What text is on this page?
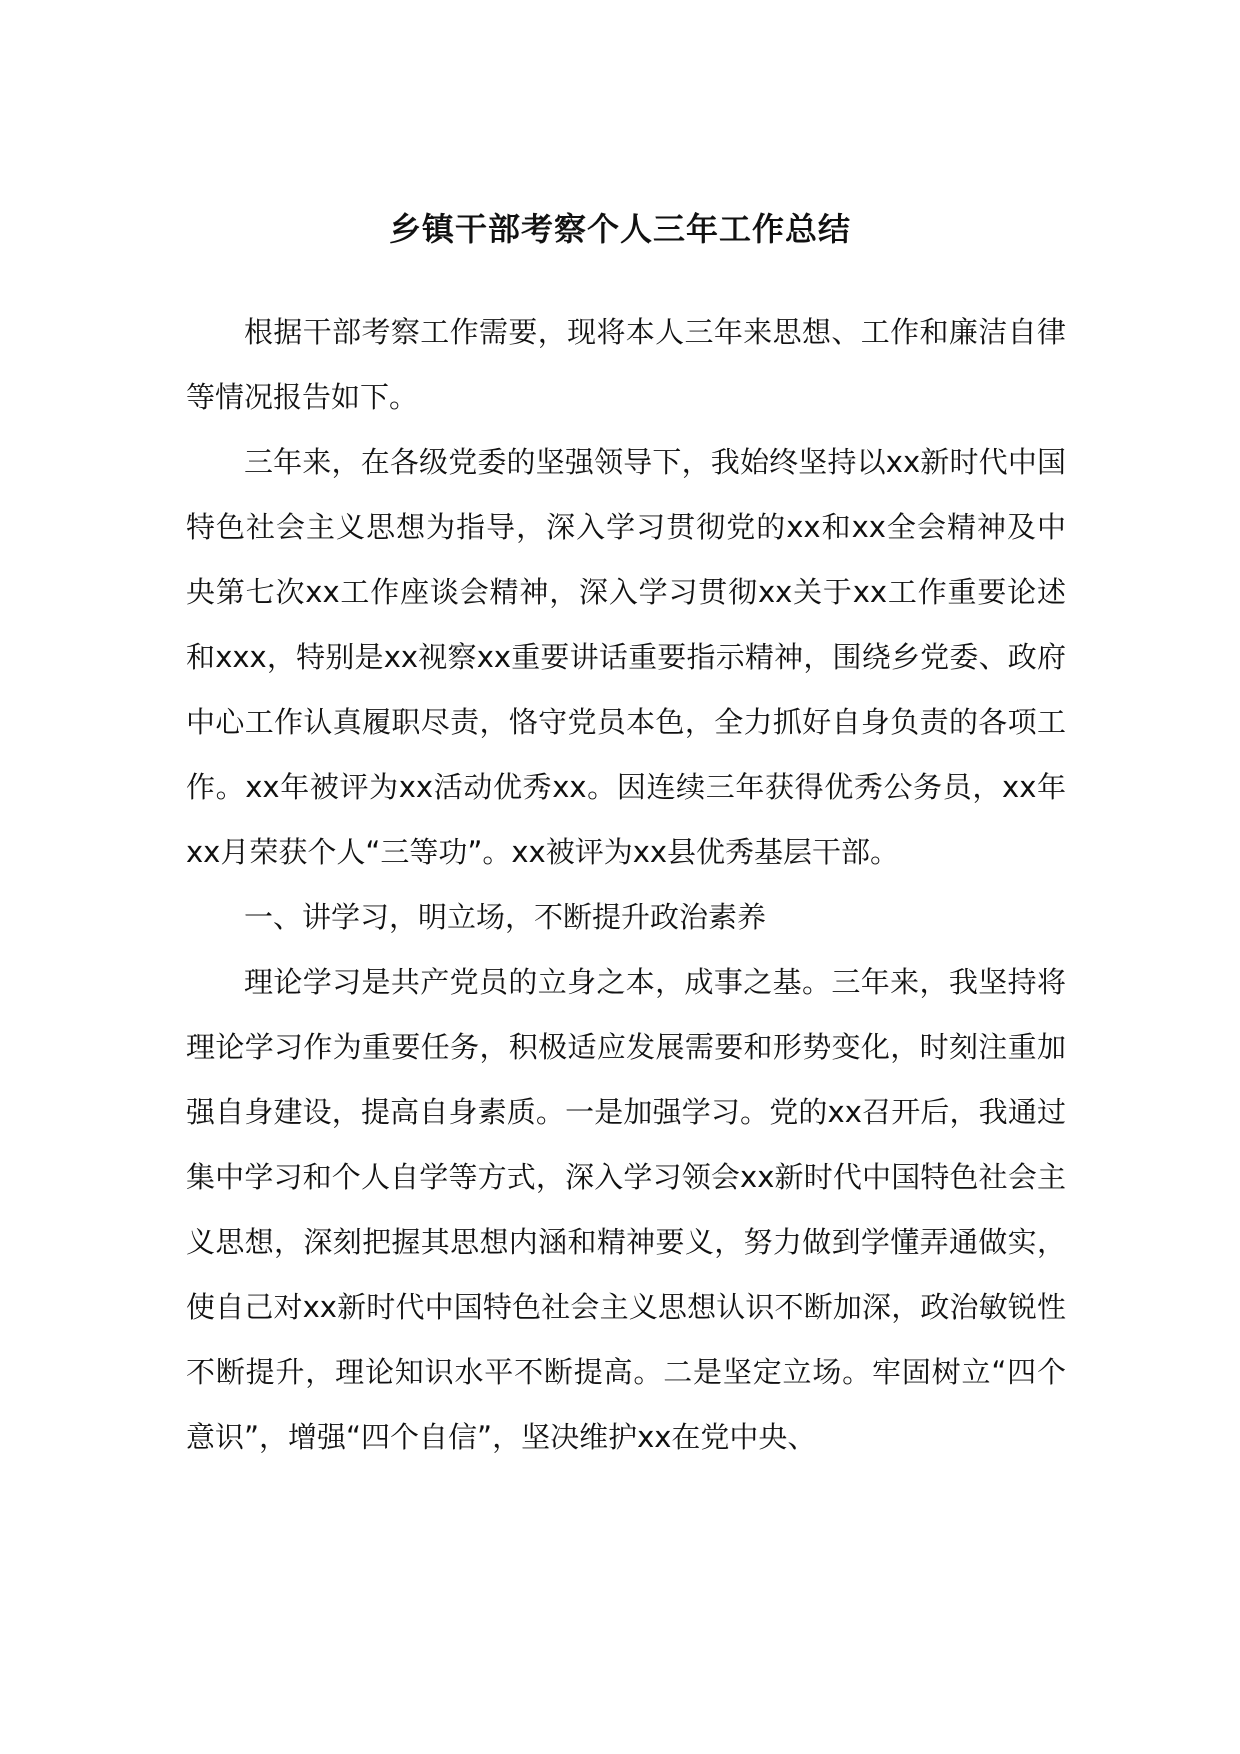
乡镇干部考察个人三年工作总结

根据干部考察工作需要，现将本人三年来思想、工作和廉洁自律等情况报告如下。

三年来，在各级党委的坚强领导下，我始终坚持以xx新时代中国特色社会主义思想为指导，深入学习贯彻党的xx和xx全会精神及中央第七次xx工作座谈会精神，深入学习贯彻xx关于xx工作重要论述和xxx，特别是xx视察xx重要讲话重要指示精神，围绕乡党委、政府中心工作认真履职尽责，恪守党员本色，全力抓好自身负责的各项工作。xx年被评为xx活动优秀xx。因连续三年获得优秀公务员，xx年xx月荣获个人“三等功”。xx被评为xx县优秀基层干部。

一、讲学习，明立场，不断提升政治素养

理论学习是共产党员的立身之本，成事之基。三年来，我坚持将理论学习作为重要任务，积极适应发展需要和形势变化，时刻注重加强自身建设，提高自身素质。一是加强学习。党的xx召开后，我通过集中学习和个人自学等方式，深入学习领会xx新时代中国特色社会主义思想，深刻把握其思想内涵和精神要义，努力做到学懂弄通做实，使自己对xx新时代中国特色社会主义思想认识不断加深，政治敏锐性不断提升，理论知识水平不断提高。二是坚定立场。牢固树立“四个意识”，增强“四个自信”，坚决维护xx在党中央、
